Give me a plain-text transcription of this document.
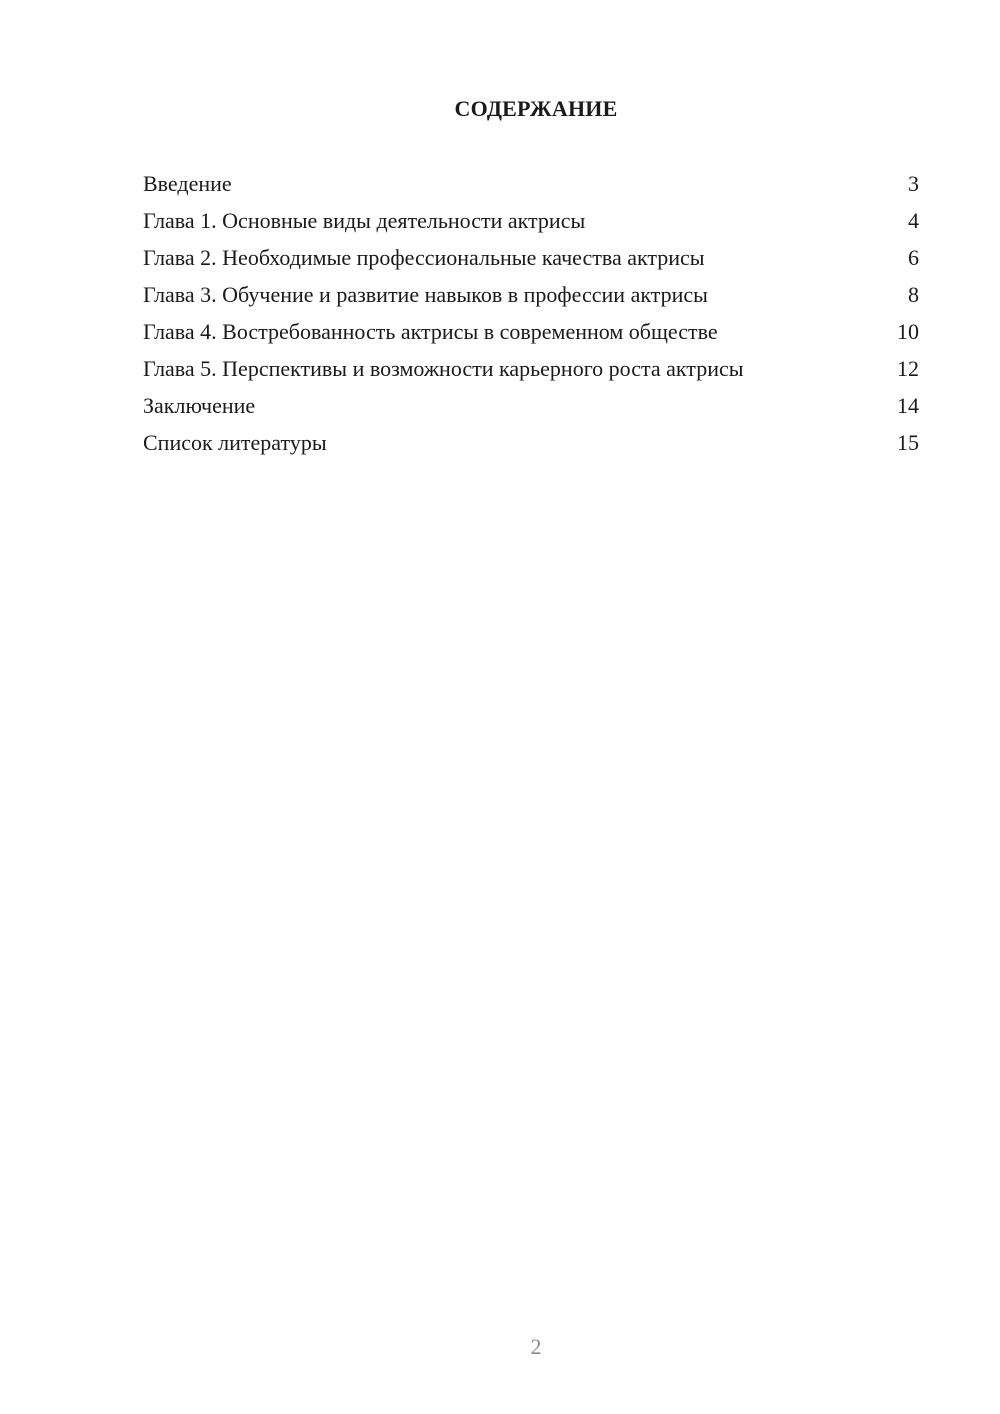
СОДЕРЖАНИЕ
Введение	3
Глава 1. Основные виды деятельности актрисы	4
Глава 2. Необходимые профессиональные качества актрисы	6
Глава 3. Обучение и развитие навыков в профессии актрисы	8
Глава 4. Востребованность актрисы в современном обществе	10
Глава 5. Перспективы и возможности карьерного роста актрисы	12
Заключение	14
Список литературы	15
2
